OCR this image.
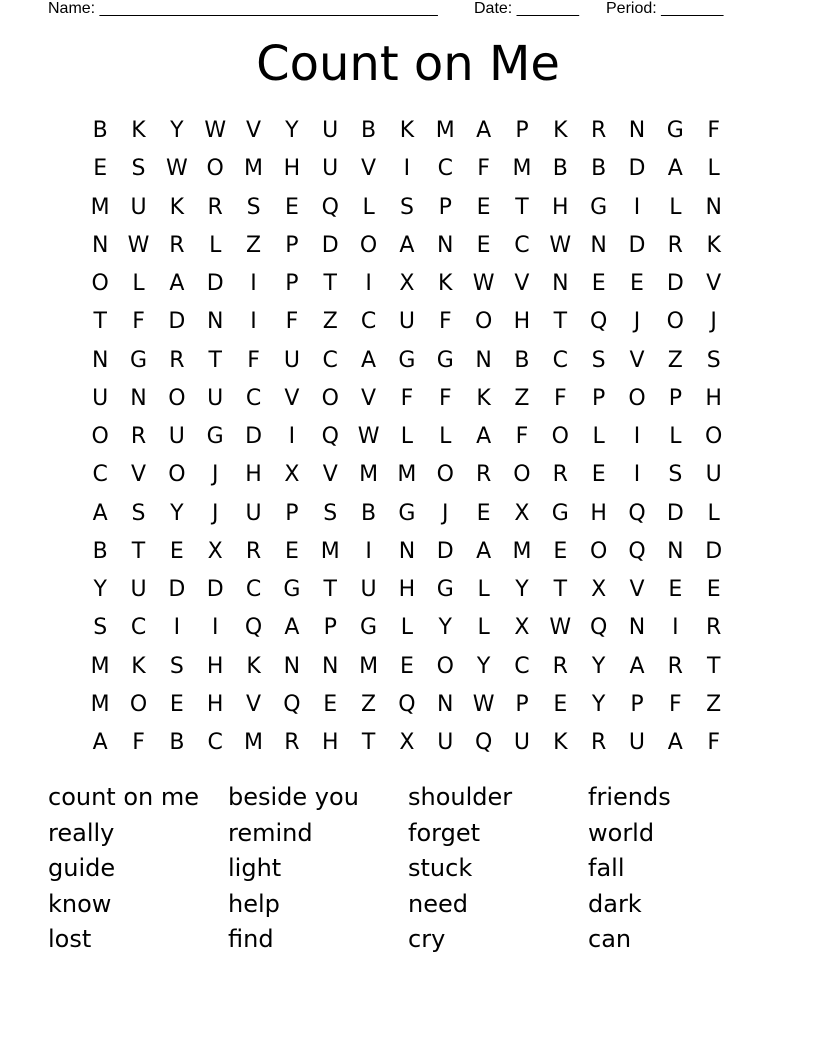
Name: ______________________________________ Date: _______ Period: _______
Count on Me
B	K	Y W V	Y	U	B	K M A	P	K	R	N G	F
E	S W O M H	U	V	I	C	F	M B	B	D	A	L
M U	K	R	S	E	Q	L	S	P	E	T	H G	I	L	N
N W R	L	Z	P	D O	A	N	E	C W N D	R	K
O	L	A	D	I	P	T	I	X	K W V	N	E	E	D	V
T	F	D N	I	F	Z	C	U	F	O H	T	Q	J	O	J
N G	R	T	F	U	C	A	G G N	B	C	S	V	Z	S
U	N O U	C	V	O	V	F	F	K	Z	F	P	O	P	H
O	R	U G D	I	Q W L	L	A	F	O	L	I	L	O
C	V	O	J	H	X	V M M O	R	O	R	E	I	S	U
A	S	Y	J	U	P	S	B	G	J	E	X	G H Q D	L
B	T	E	X	R	E M	I	N D	A M E	O Q N D
Y	U D D	C	G	T	U	H G	L	Y	T	X	V	E	E
S	C	I	I	Q	A	P	G	L	Y	L	X W Q N	I	R
M K	S	H	K	N N M E	O	Y	C	R	Y	A	R	T
M O	E	H	V	Q	E	Z	Q N W P	E	Y	P	F	Z
A	F	B	C M R	H	T	X	U Q U	K	R	U	A	F
count on me	beside you	shoulder	friends
really	remind	forget	world
guide	light	stuck	fall
know	help	need	dark
lost	find	cry	can
